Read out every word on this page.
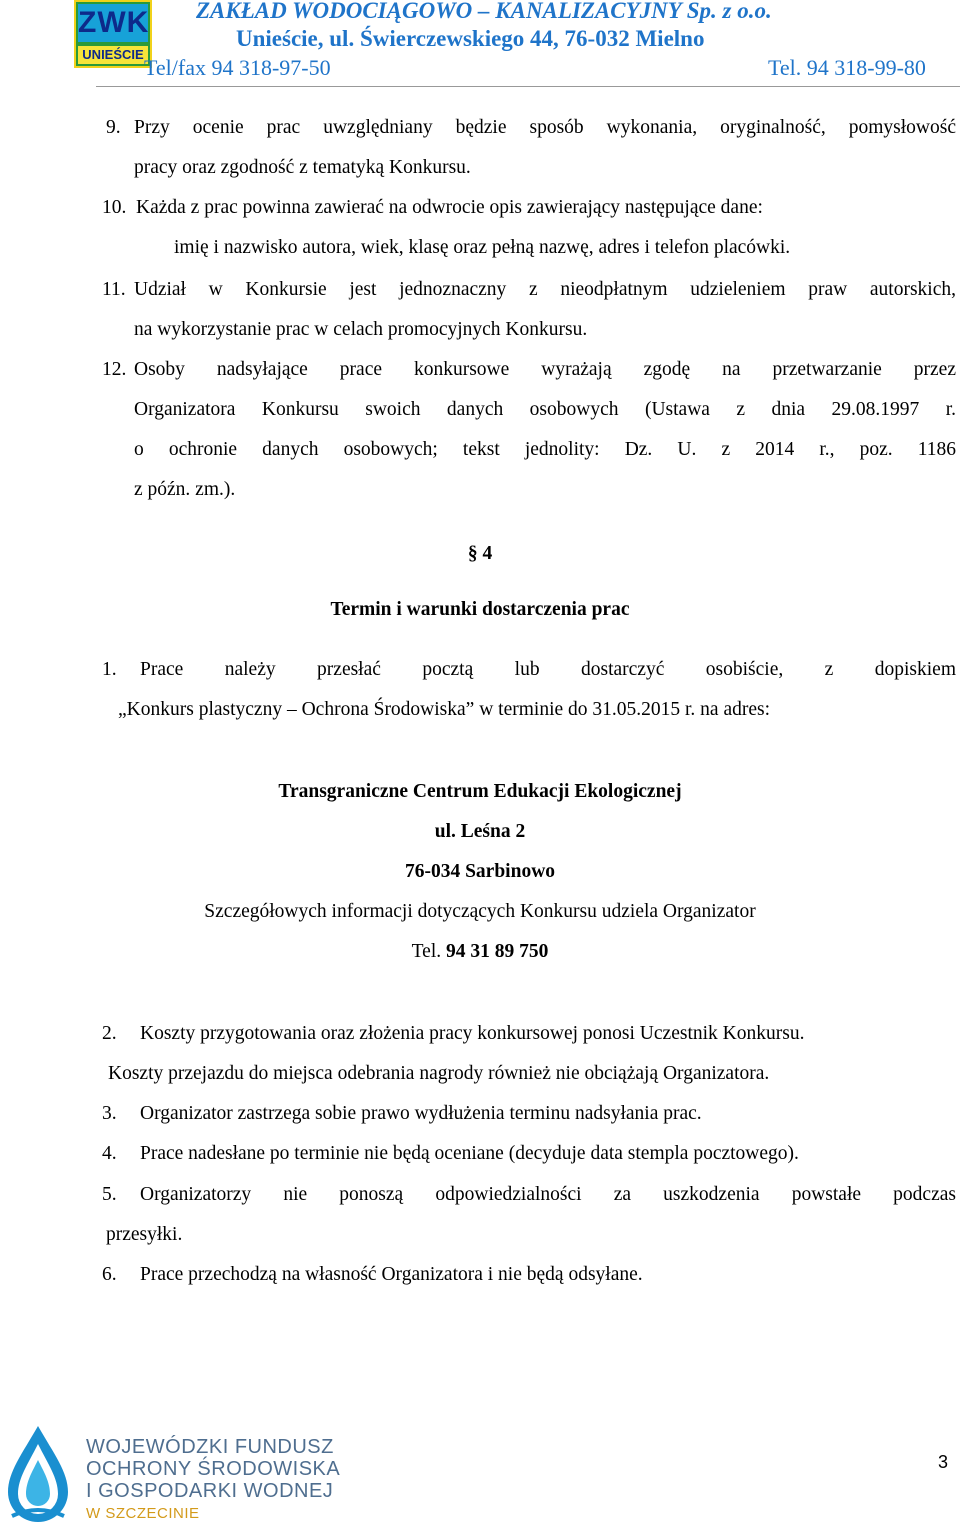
ZWK
UNIEŚCIE
ZAKŁAD WODOCIĄGOWO – KANALIZACYJNY Sp. z o.o.
Unieście, ul. Świerczewskiego 44, 76-032 Mielno
Tel/fax 94 318-97-50	Tel. 94 318-99-80
9. Przy ocenie prac uwzględniany będzie sposób wykonania, oryginalność, pomysłowość
pracy oraz zgodność z tematyką Konkursu.
10. Każda z prac powinna zawierać na odwrocie opis zawierający następujące dane:
imię i nazwisko autora, wiek, klasę oraz pełną nazwę, adres i telefon placówki.
11. Udział w Konkursie jest jednoznaczny z nieodpłatnym udzieleniem praw autorskich,
na wykorzystanie prac w celach promocyjnych Konkursu.
12. Osoby nadsyłające prace konkursowe wyrażają zgodę na przetwarzanie przez
Organizatora Konkursu swoich danych osobowych (Ustawa z dnia 29.08.1997 r.
o ochronie danych osobowych; tekst jednolity: Dz. U. z 2014 r., poz. 1186
z późn. zm.).
§ 4
Termin i warunki dostarczenia prac
1. Prace należy przesłać pocztą lub dostarczyć osobiście, z dopiskiem
„Konkurs plastyczny – Ochrona Środowiska” w terminie do 31.05.2015 r. na adres:
Transgraniczne Centrum Edukacji Ekologicznej
ul. Leśna 2
76-034 Sarbinowo
Szczegółowych informacji dotyczących Konkursu udziela Organizator
Tel. 94 31 89 750
2. Koszty przygotowania oraz złożenia pracy konkursowej ponosi Uczestnik Konkursu.
Koszty przejazdu do miejsca odebrania nagrody również nie obciążają Organizatora.
3. Organizator zastrzega sobie prawo wydłużenia terminu nadsyłania prac.
4. Prace nadesłane po terminie nie będą oceniane (decyduje data stempla pocztowego).
5. Organizatorzy nie ponoszą odpowiedzialności za uszkodzenia powstałe podczas
przesyłki.
6. Prace przechodzą na własność Organizatora i nie będą odsyłane.
WOJEWÓDZKI FUNDUSZ
OCHRONY ŚRODOWISKA
I GOSPODARKI WODNEJ
W SZCZECINIE
3
